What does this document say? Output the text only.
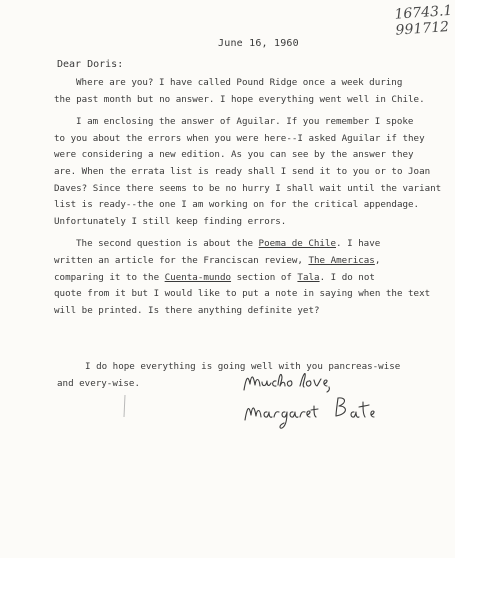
16743.1
991712
June 16, 1960
Dear Doris:
Where are you? I have called Pound Ridge once a week during
the past month but no answer. I hope everything went well in Chile.
I am enclosing the answer of Aguilar. If you remember I spoke
to you about the errors when you were here--I asked Aguilar if they
were considering a new edition. As you can see by the answer they
are. When the errata list is ready shall I send it to you or to Joan
Daves? Since there seems to be no hurry I shall wait until the variant
list is ready--the one I am working on for the critical appendage.
Unfortunately I still keep finding errors.
The second question is about the Poema de Chile. I have
written an article for the Franciscan review, The Americas,
comparing it to the Cuenta-mundo section of Tala. I do not
quote from it but I would like to put a note in saying when the text
will be printed. Is there anything definite yet?
I do hope everything is going well with you pancreas-wise
and every-wise.
